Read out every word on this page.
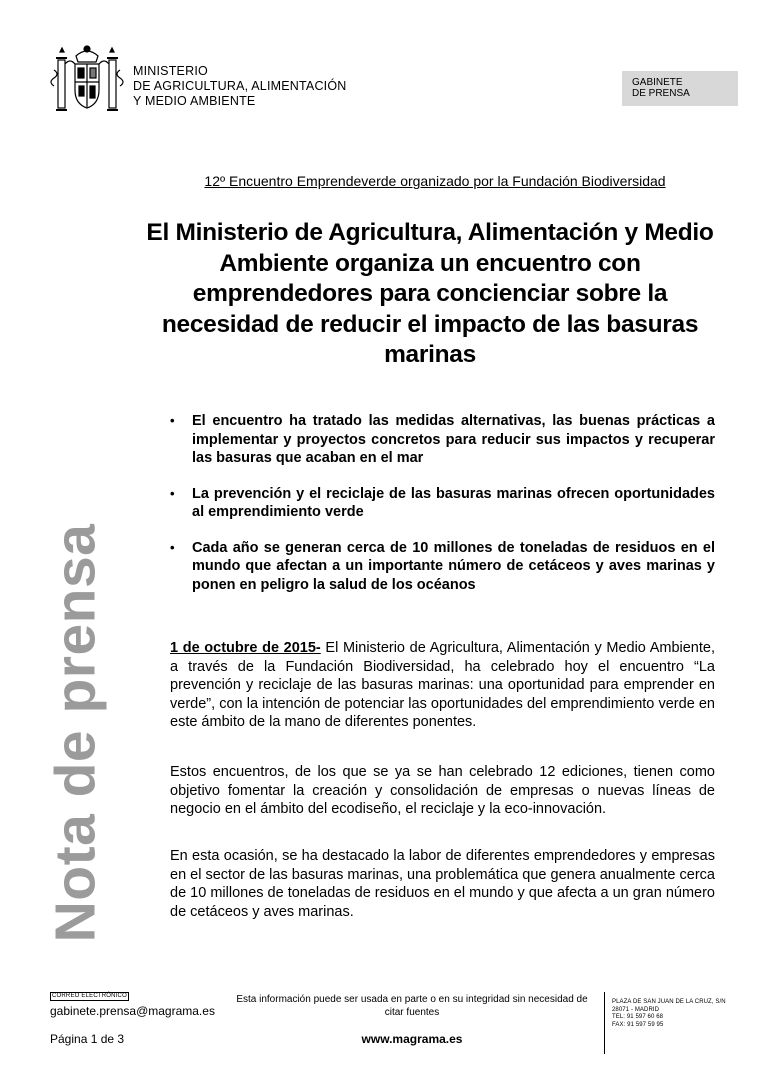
MINISTERIO
DE AGRICULTURA, ALIMENTACIÓN
Y MEDIO AMBIENTE
GABINETE
DE PRENSA
Nota de prensa
12º Encuentro Emprendeverde organizado por la Fundación Biodiversidad
El Ministerio de Agricultura, Alimentación y Medio
Ambiente organiza un encuentro con
emprendedores para concienciar sobre la
necesidad de reducir el impacto de las basuras
marinas
• El encuentro ha tratado las medidas alternativas, las buenas prácticas a implementar y proyectos concretos para reducir sus impactos y recuperar las basuras que acaban en el mar
• La prevención y el reciclaje de las basuras marinas ofrecen oportunidades al emprendimiento verde
• Cada año se generan cerca de 10 millones de toneladas de residuos en el mundo que afectan a un importante número de cetáceos y aves marinas y ponen en peligro la salud de los océanos
1 de octubre de 2015- El Ministerio de Agricultura, Alimentación y Medio Ambiente, a través de la Fundación Biodiversidad, ha celebrado hoy el encuentro “La prevención y reciclaje de las basuras marinas: una oportunidad para emprender en verde”, con la intención de potenciar las oportunidades del emprendimiento verde en este ámbito de la mano de diferentes ponentes.
Estos encuentros, de los que se ya se han celebrado 12 ediciones, tienen como objetivo fomentar la creación y consolidación de empresas o nuevas líneas de negocio en el ámbito del ecodiseño, el reciclaje y la eco-innovación.
En esta ocasión, se ha destacado la labor de diferentes emprendedores y empresas en el sector de las basuras marinas, una problemática que genera anualmente cerca de 10 millones de toneladas de residuos en el mundo y que afecta a un gran número de cetáceos y aves marinas.
CORREO ELECTRÓNICO
gabinete.prensa@magrama.es
Página 1 de 3
Esta información puede ser usada en parte o en su integridad sin necesidad de citar fuentes
www.magrama.es
PLAZA DE SAN JUAN DE LA CRUZ, S/N
28071 - MADRID
TEL: 91 597 60 68
FAX: 91 597 59 95
